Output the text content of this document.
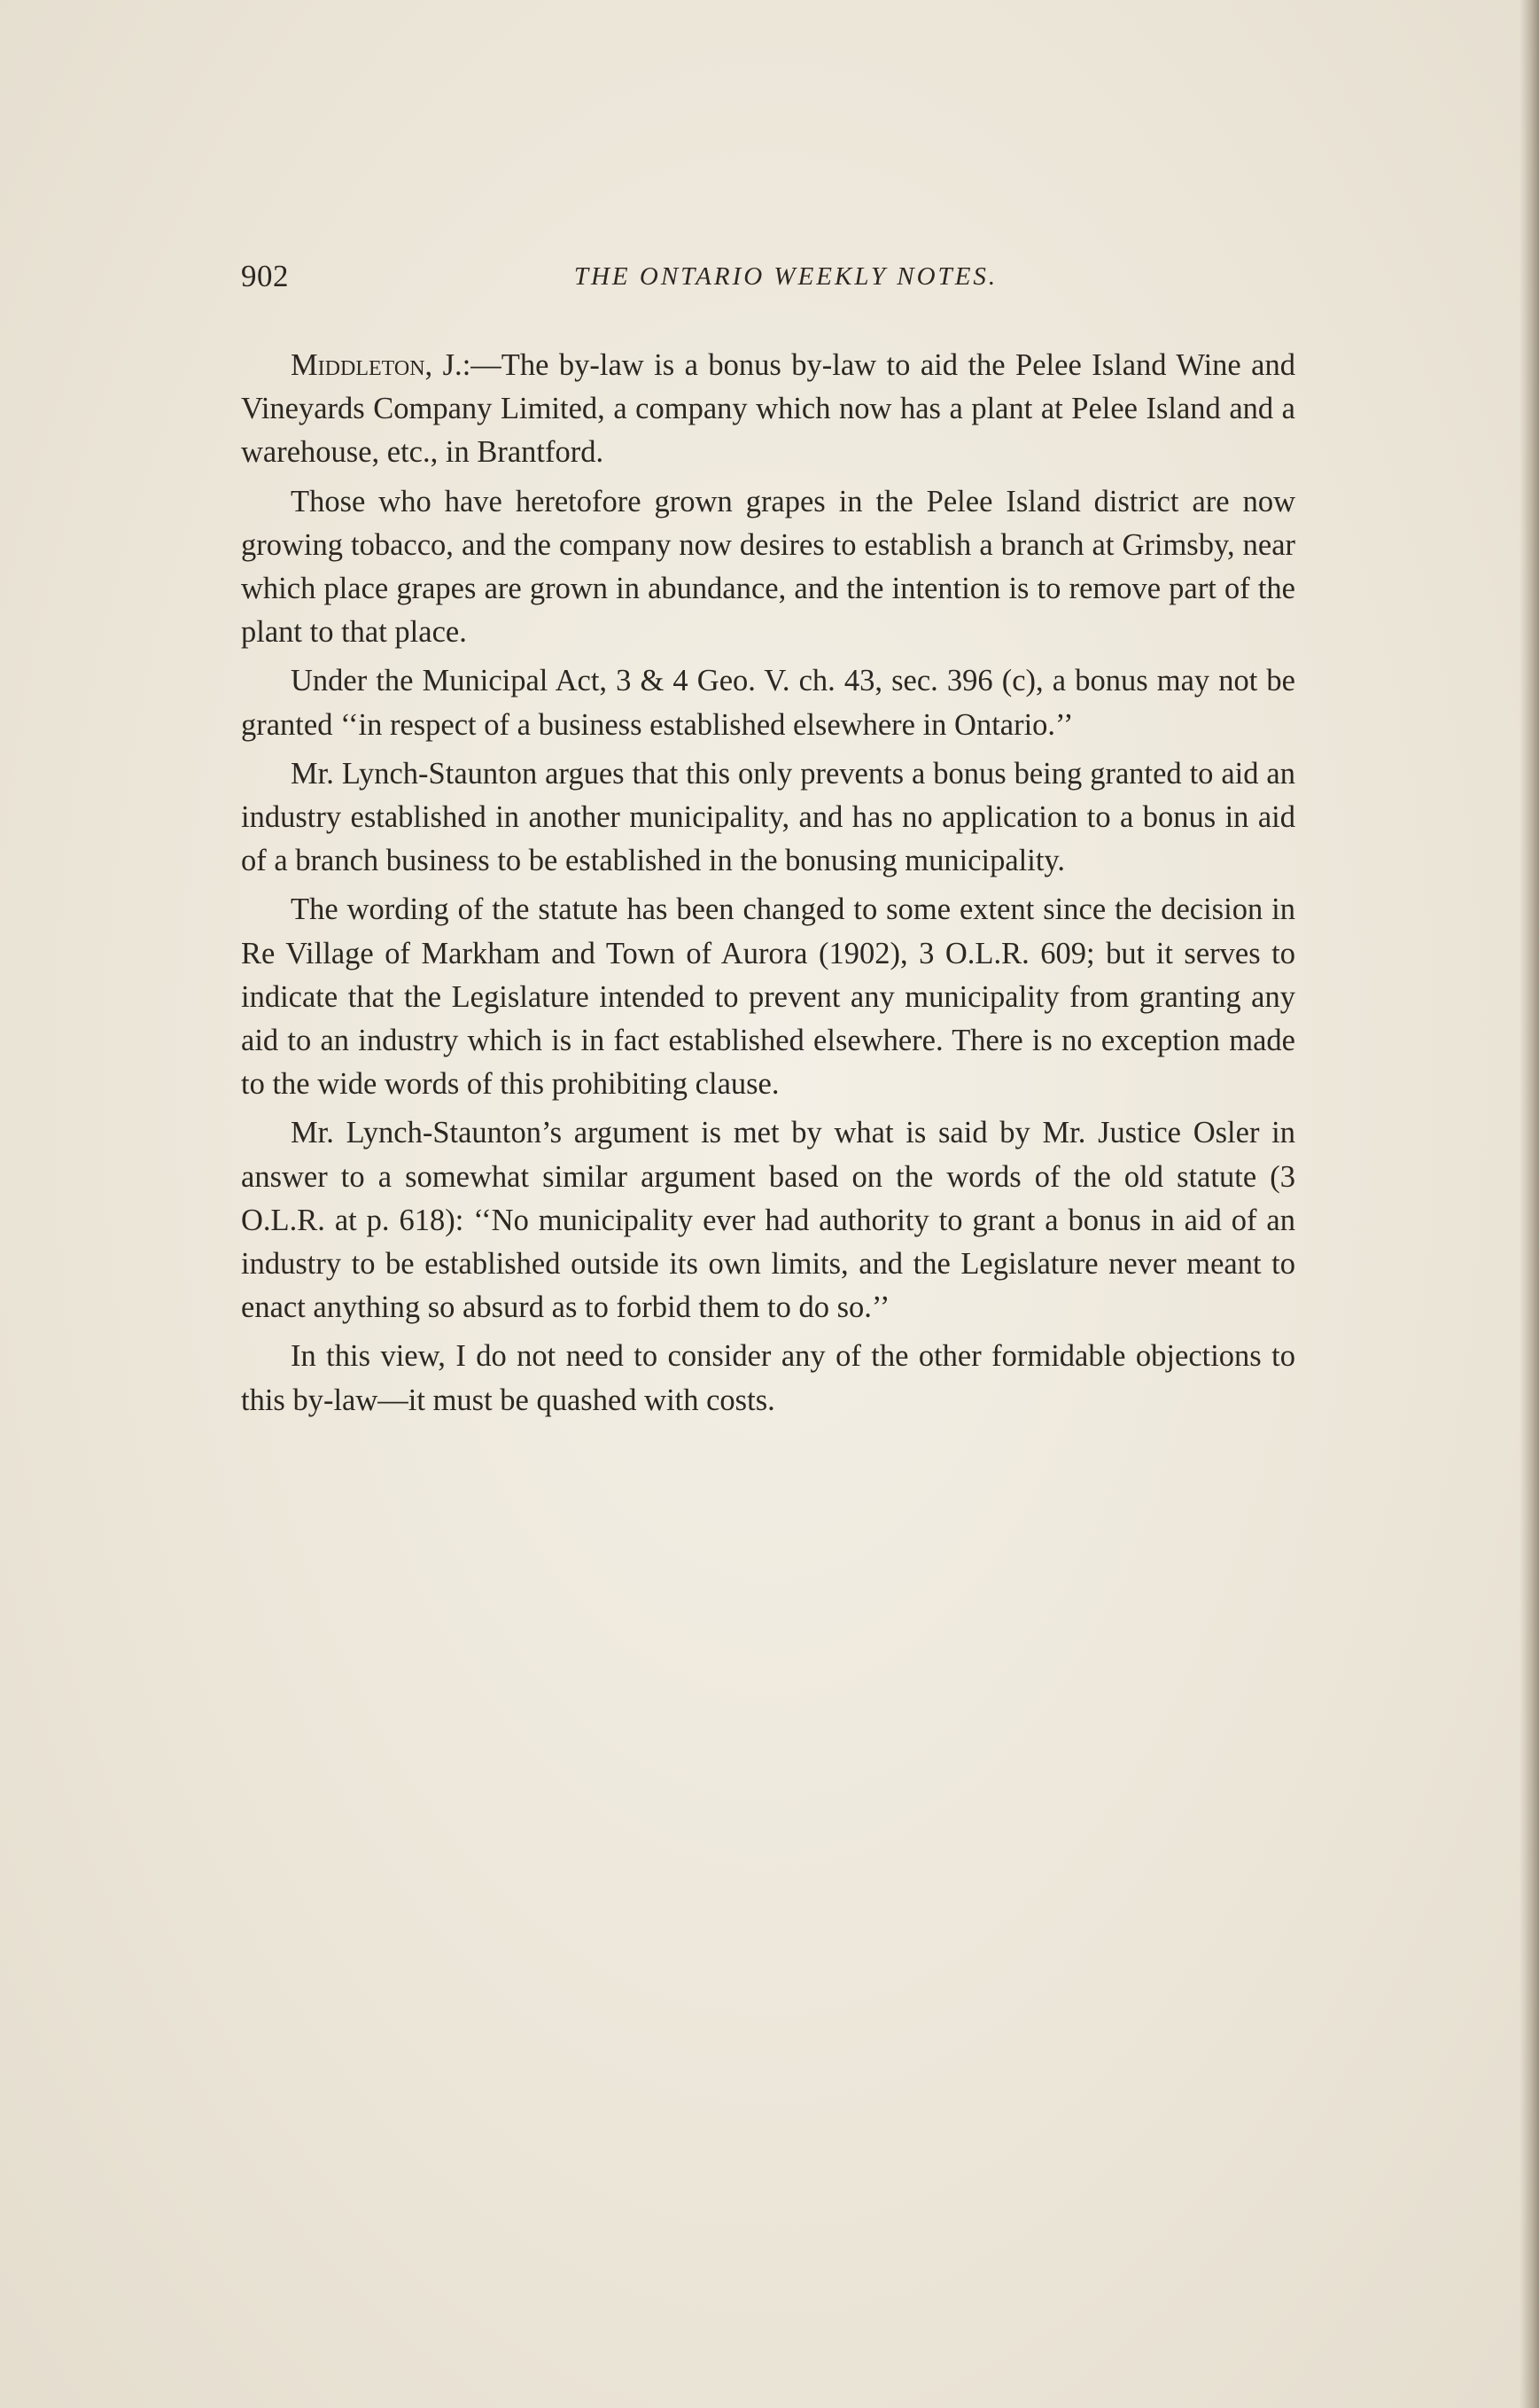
902	THE ONTARIO WEEKLY NOTES.

Middleton, J.:—The by-law is a bonus by-law to aid the Pelee Island Wine and Vineyards Company Limited, a company which now has a plant at Pelee Island and a warehouse, etc., in Brantford.

Those who have heretofore grown grapes in the Pelee Island district are now growing tobacco, and the company now desires to establish a branch at Grimsby, near which place grapes are grown in abundance, and the intention is to remove part of the plant to that place.

Under the Municipal Act, 3 & 4 Geo. V. ch. 43, sec. 396 (c), a bonus may not be granted ‘‘in respect of a business established elsewhere in Ontario.’’

Mr. Lynch-Staunton argues that this only prevents a bonus being granted to aid an industry established in another municipality, and has no application to a bonus in aid of a branch business to be established in the bonusing municipality.

The wording of the statute has been changed to some extent since the decision in Re Village of Markham and Town of Aurora (1902), 3 O.L.R. 609; but it serves to indicate that the Legislature intended to prevent any municipality from granting any aid to an industry which is in fact established elsewhere. There is no exception made to the wide words of this prohibiting clause.

Mr. Lynch-Staunton’s argument is met by what is said by Mr. Justice Osler in answer to a somewhat similar argument based on the words of the old statute (3 O.L.R. at p. 618): ‘‘No municipality ever had authority to grant a bonus in aid of an industry to be established outside its own limits, and the Legislature never meant to enact anything so absurd as to forbid them to do so.’’

In this view, I do not need to consider any of the other formidable objections to this by-law—it must be quashed with costs.
